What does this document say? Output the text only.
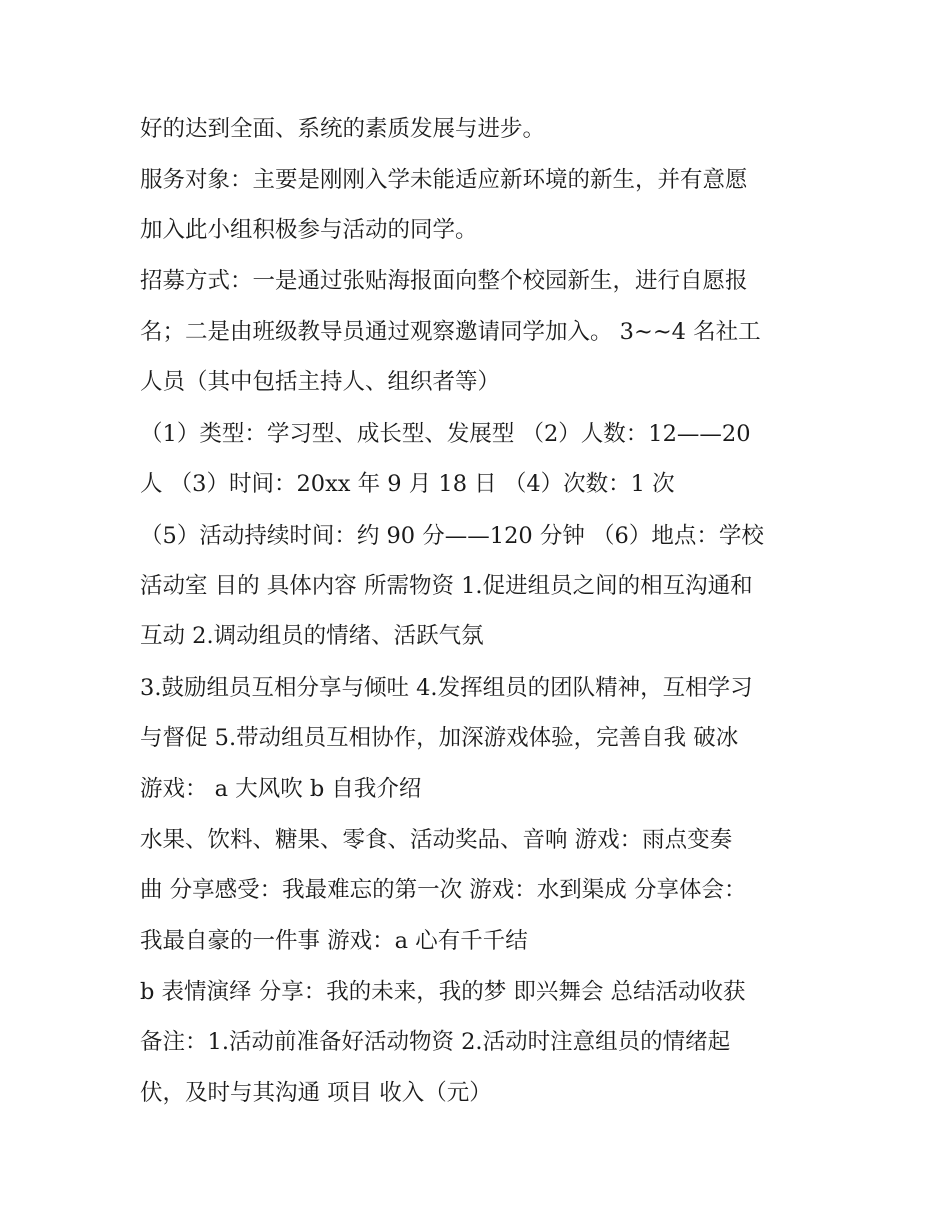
好的达到全面、系统的素质发展与进步。
服务对象：主要是刚刚入学未能适应新环境的新生，并有意愿
加入此小组积极参与活动的同学。
招募方式：一是通过张贴海报面向整个校园新生，进行自愿报
名；二是由班级教导员通过观察邀请同学加入。 3~~4 名社工
人员（其中包括主持人、组织者等）
（1）类型：学习型、成长型、发展型 （2）人数：12——20
人 （3）时间：20xx 年 9 月 18 日 （4）次数：1 次
（5）活动持续时间：约 90 分——120 分钟 （6）地点：学校
活动室 目的 具体内容 所需物资 1.促进组员之间的相互沟通和
互动 2.调动组员的情绪、活跃气氛
3.鼓励组员互相分享与倾吐 4.发挥组员的团队精神，互相学习
与督促 5.带动组员互相协作，加深游戏体验，完善自我 破冰
游戏： a 大风吹 b 自我介绍
水果、饮料、糖果、零食、活动奖品、音响 游戏：雨点变奏
曲 分享感受：我最难忘的第一次 游戏：水到渠成 分享体会：
我最自豪的一件事 游戏：a 心有千千结
b 表情演绎 分享：我的未来，我的梦 即兴舞会 总结活动收获
备注：1.活动前准备好活动物资 2.活动时注意组员的情绪起
伏，及时与其沟通 项目 收入（元）
